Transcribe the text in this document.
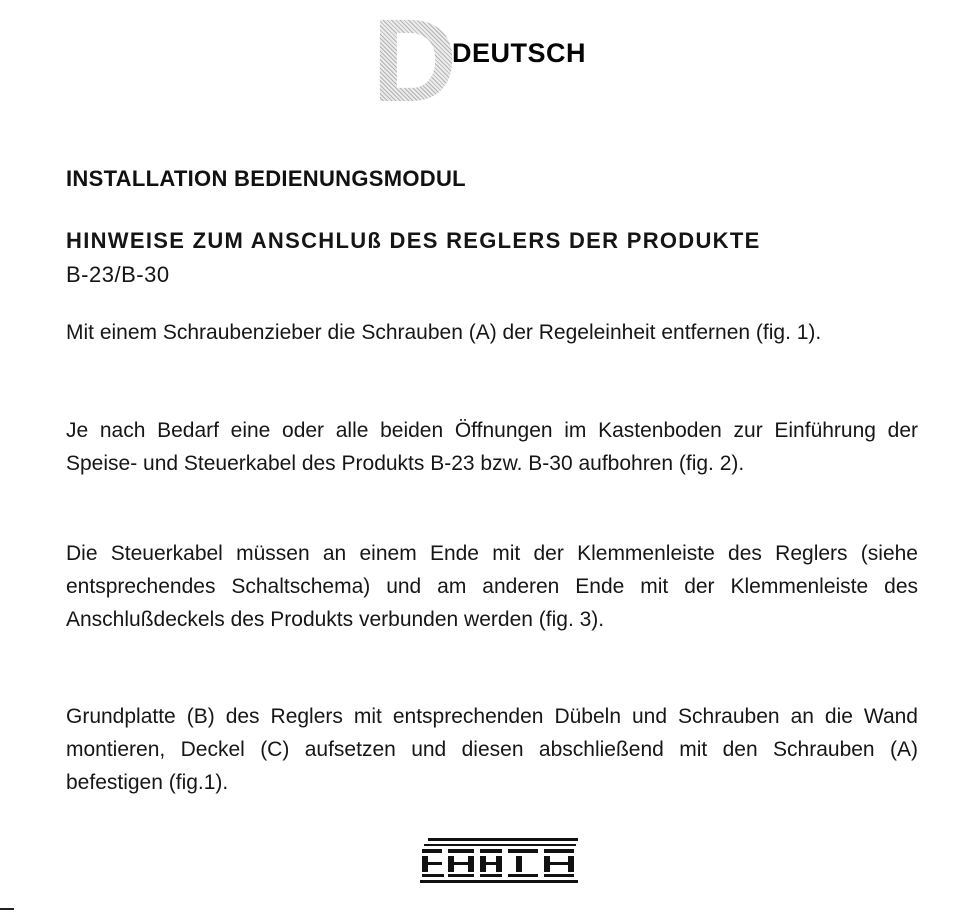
D
DEUTSCH
INSTALLATION BEDIENUNGSMODUL
HINWEISE ZUM ANSCHLUß DES REGLERS DER PRODUKTE
B-23/B-30

Mit einem Schraubenzieber die Schrauben (A) der Regeleinheit entfernen (fig. 1).

Je nach Bedarf eine oder alle beiden Öffnungen im Kastenboden zur Einführung der Speise- und Steuerkabel des Produkts B-23 bzw. B-30 aufbohren (fig. 2).

Die Steuerkabel müssen an einem Ende mit der Klemmenleiste des Reglers (siehe entsprechendes Schaltschema) und am anderen Ende mit der Klemmenleiste des Anschlußdeckels des Produkts verbunden werden (fig. 3).

Grundplatte (B) des Reglers mit entsprechenden Dübeln und Schrauben an die Wand montieren, Deckel (C) aufsetzen und diesen abschließend mit den Schrauben (A) befestigen (fig.1).
